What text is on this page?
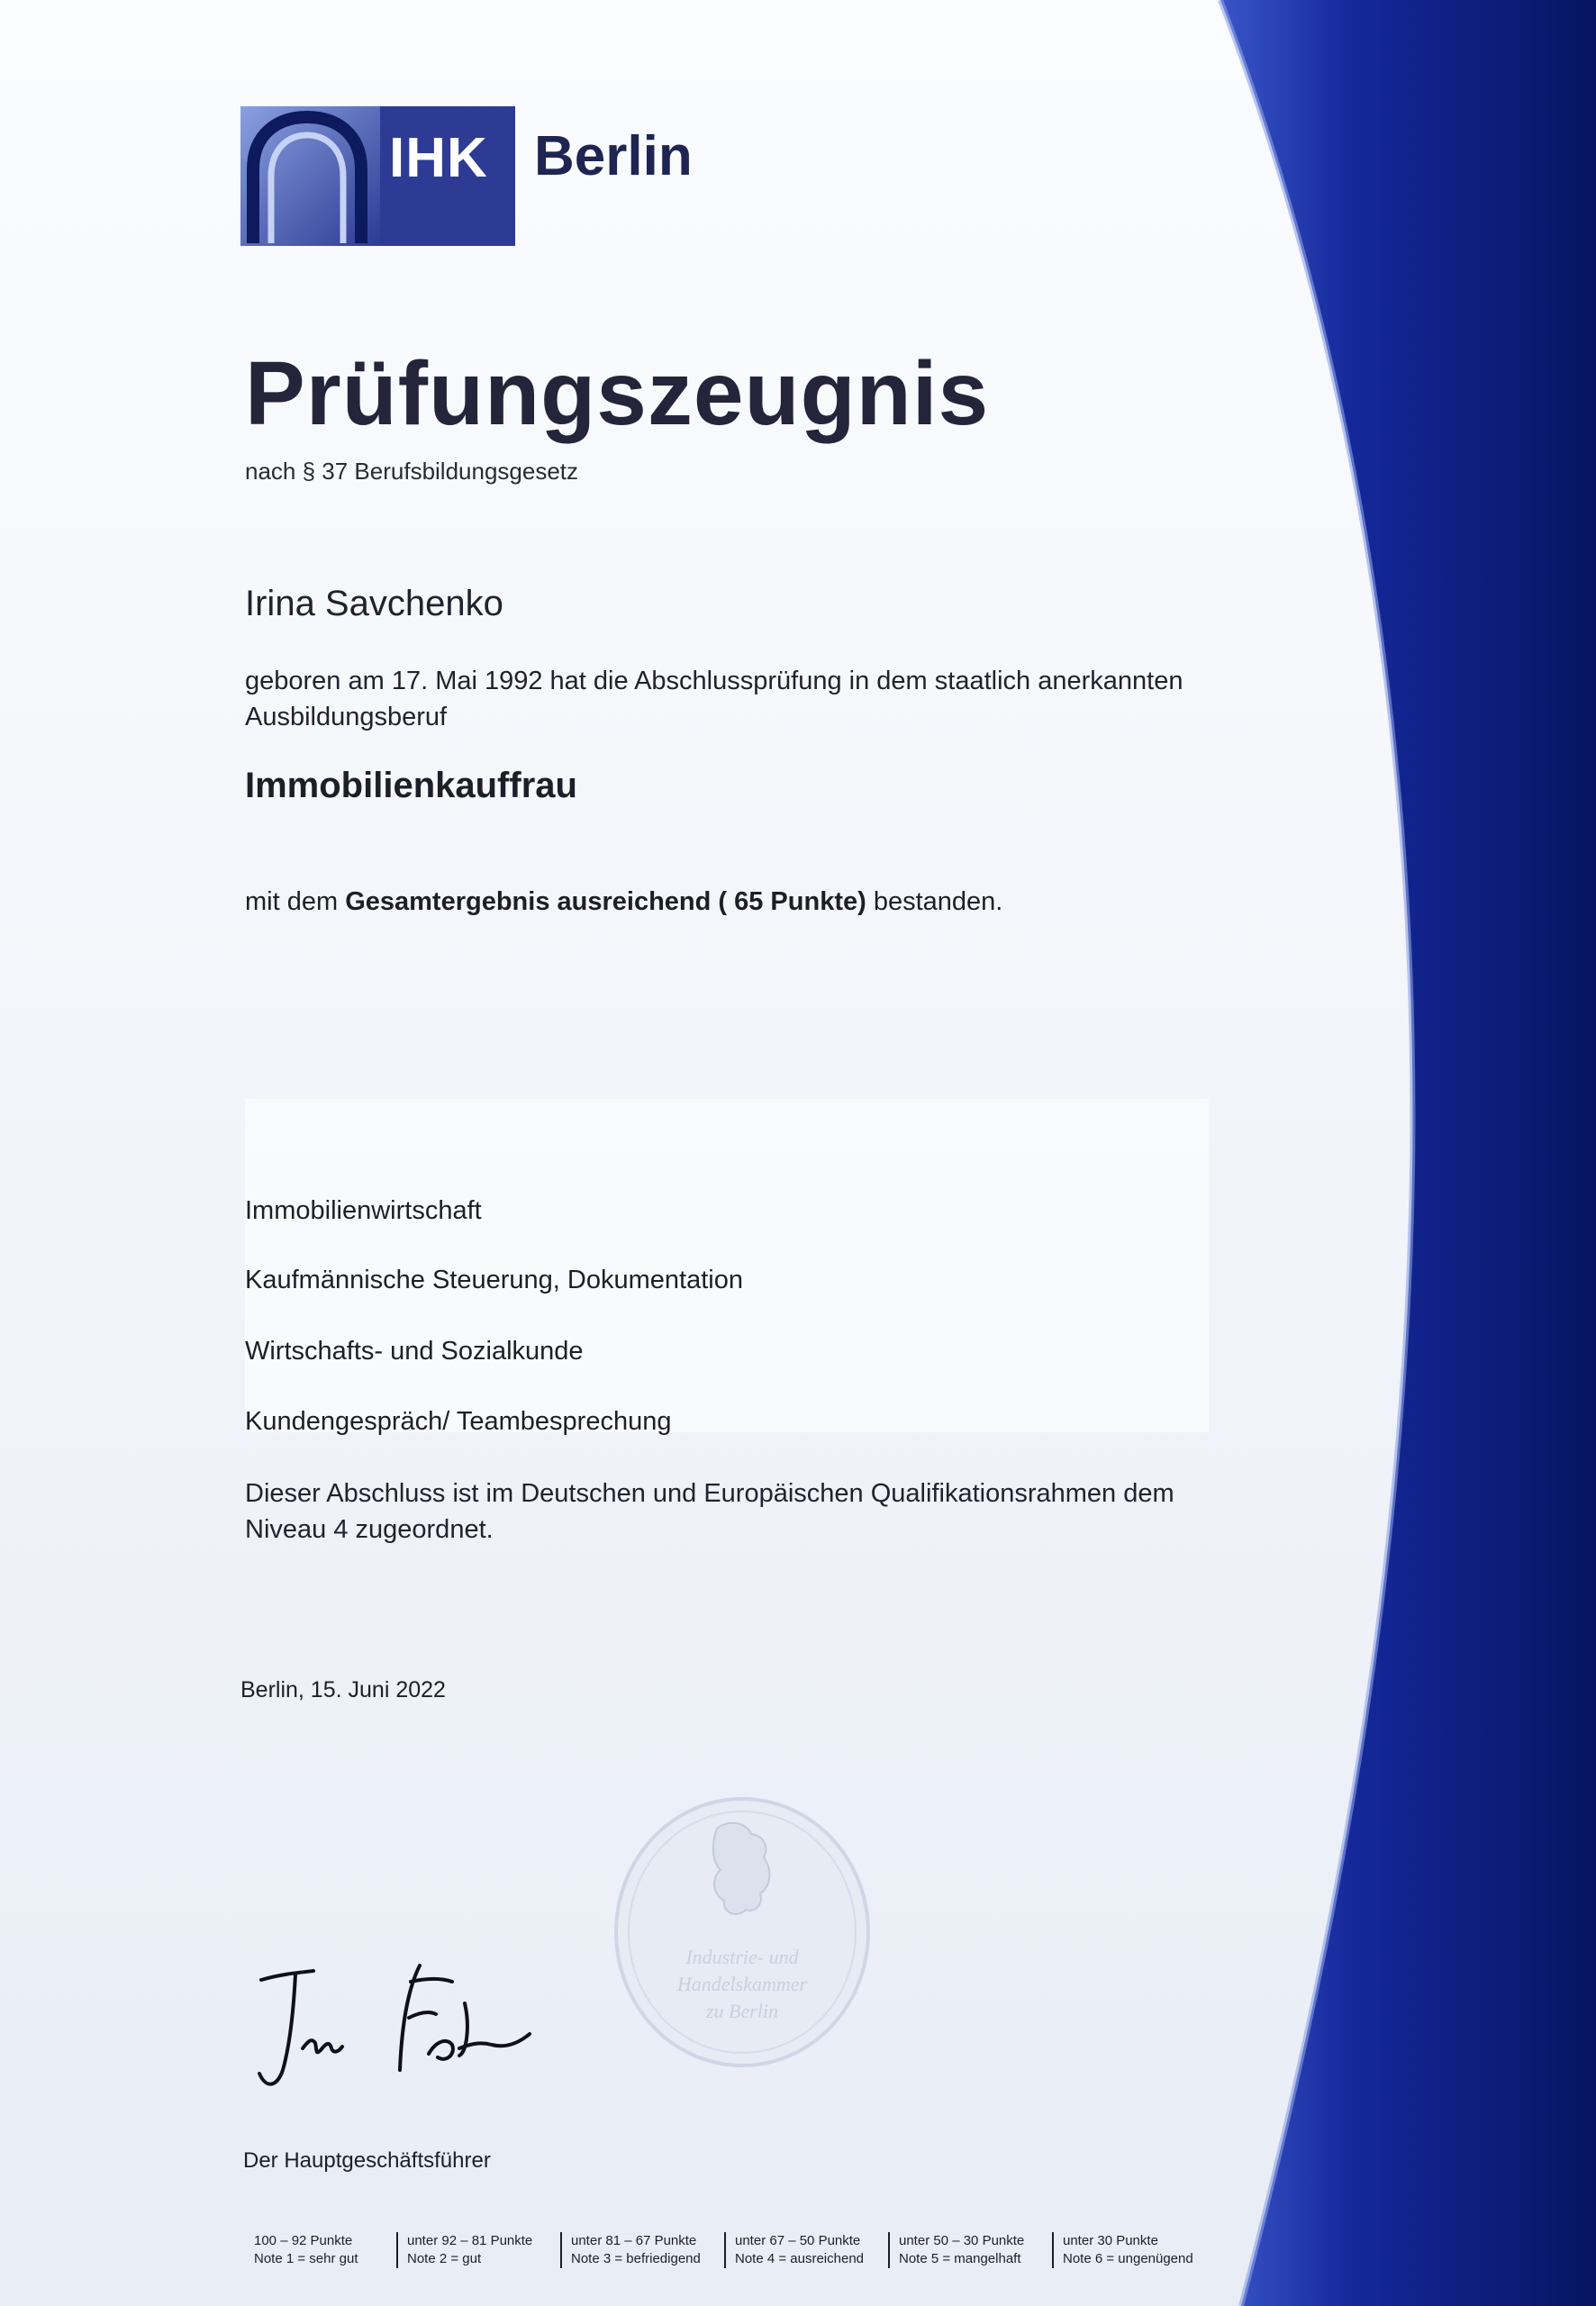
IHK Berlin
Prüfungszeugnis
nach § 37 Berufsbildungsgesetz
Irina Savchenko
geboren am 17. Mai 1992 hat die Abschlussprüfung in dem staatlich anerkannten
Ausbildungsberuf
Immobilienkauffrau
mit dem Gesamtergebnis ausreichend ( 65 Punkte) bestanden.
Immobilienwirtschaft
Kaufmännische Steuerung, Dokumentation
Wirtschafts- und Sozialkunde
Kundengespräch/ Teambesprechung
Dieser Abschluss ist im Deutschen und Europäischen Qualifikationsrahmen dem
Niveau 4 zugeordnet.
Berlin, 15. Juni 2022
Industrie- und
Handelskammer
zu Berlin
Der Hauptgeschäftsführer
100 – 92 Punkte
Note 1 = sehr gut
unter 92 – 81 Punkte
Note 2 = gut
unter 81 – 67 Punkte
Note 3 = befriedigend
unter 67 – 50 Punkte
Note 4 = ausreichend
unter 50 – 30 Punkte
Note 5 = mangelhaft
unter 30 Punkte
Note 6 = ungenügend
